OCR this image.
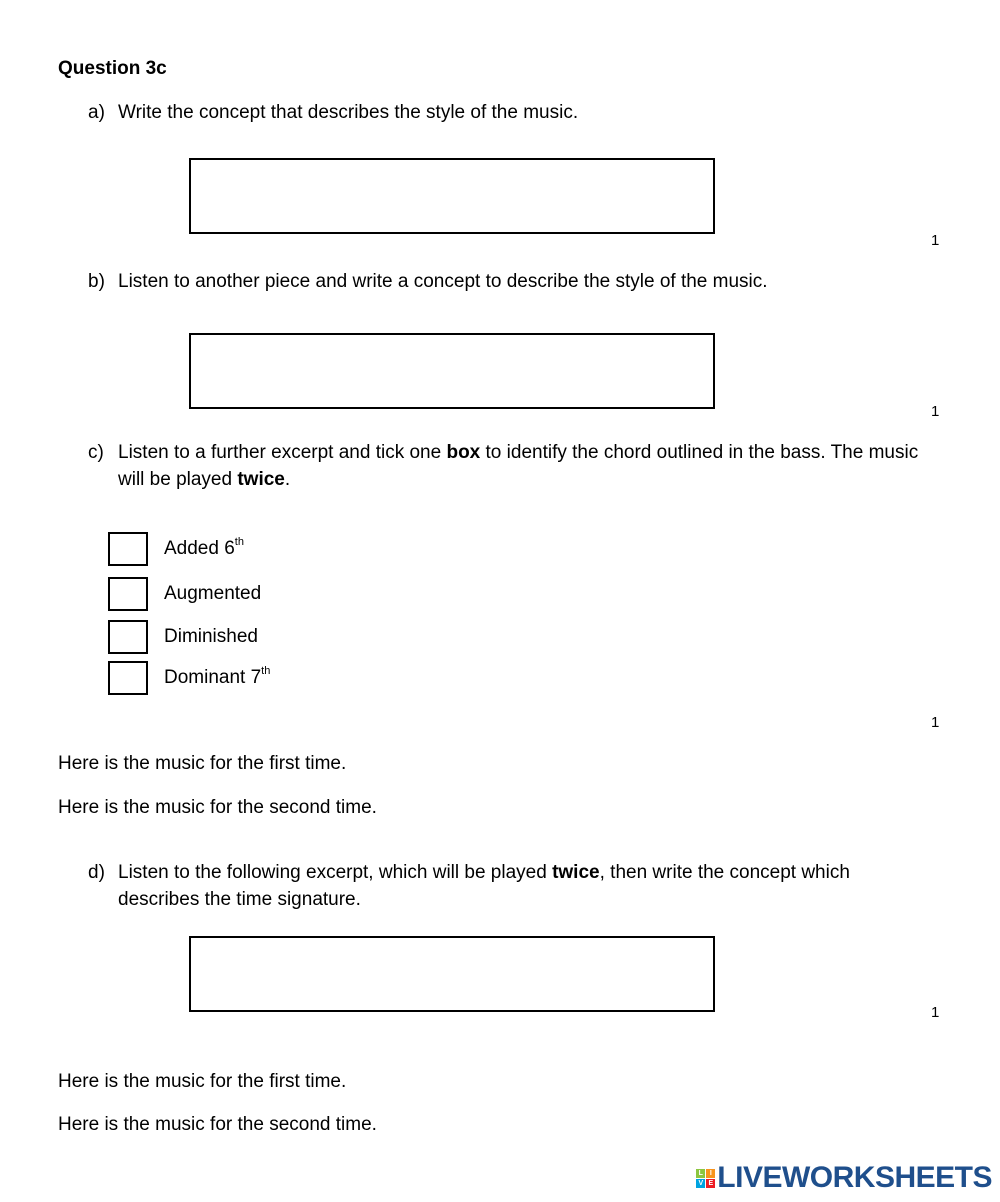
Question 3c
a) Write the concept that describes the style of the music.
1
b) Listen to another piece and write a concept to describe the style of the music.
1
c) Listen to a further excerpt and tick one box to identify the chord outlined in the bass. The music will be played twice.
Added 6th
Augmented
Diminished
Dominant 7th
1
Here is the music for the first time.
Here is the music for the second time.
d) Listen to the following excerpt, which will be played twice, then write the concept which describes the time signature.
1
Here is the music for the first time.
Here is the music for the second time.
L I
V E LIVEWORKSHEETS
